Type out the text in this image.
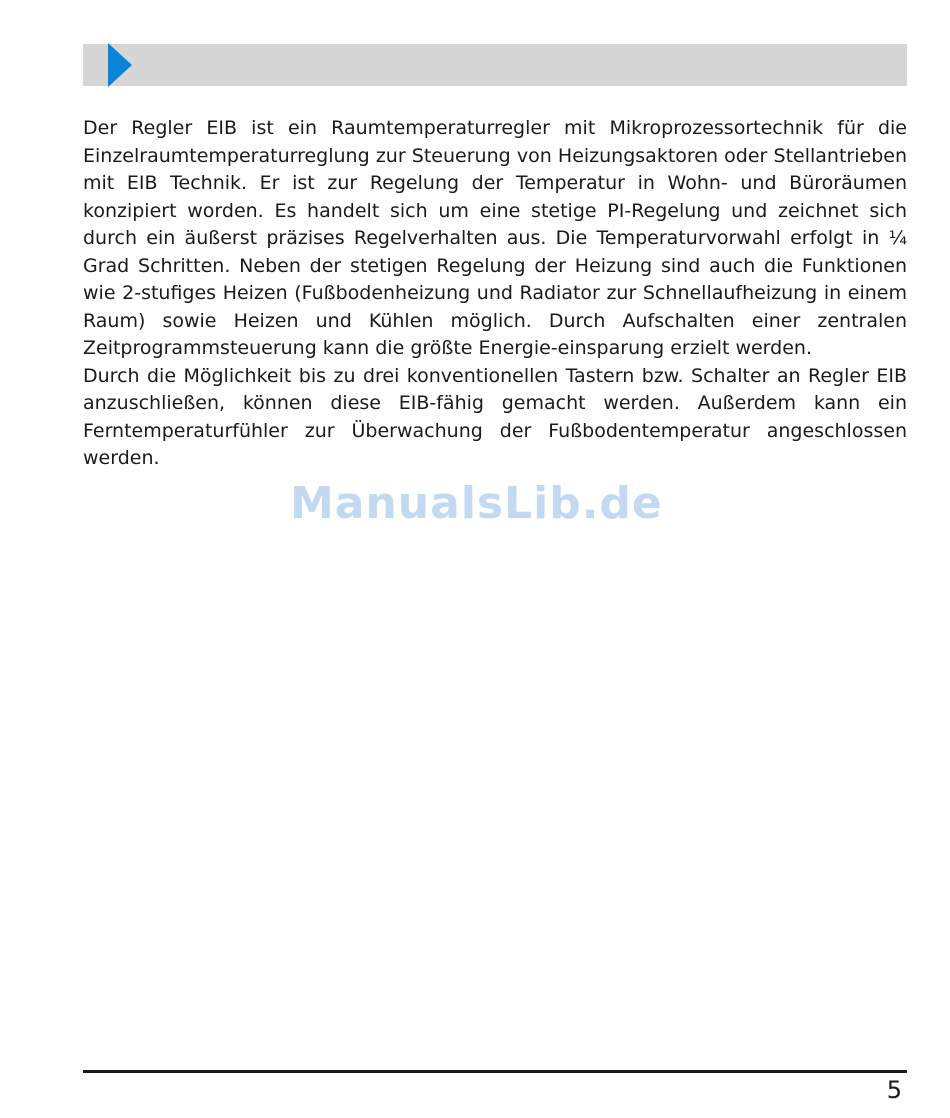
Der Regler EIB ist ein Raumtemperaturregler mit Mikroprozessortechnik für die Einzelraumtemperaturreglung zur Steuerung von Heizungsaktoren oder Stellantrieben mit EIB Technik. Er ist zur Regelung der Temperatur in Wohn- und Büroräumen konzipiert worden. Es handelt sich um eine stetige PI-Regelung und zeichnet sich durch ein äußerst präzises Regelverhalten aus. Die Temperaturvorwahl erfolgt in ¼ Grad Schritten. Neben der stetigen Regelung der Heizung sind auch die Funktionen wie 2-stufiges Heizen (Fußbodenheizung und Radiator zur Schnellaufheizung in einem Raum) sowie Heizen und Kühlen möglich. Durch Aufschalten einer zentralen Zeitprogrammsteuerung kann die größte Energie-einsparung erzielt werden.

Durch die Möglichkeit bis zu drei konventionellen Tastern bzw. Schalter an Regler EIB anzuschließen, können diese EIB-fähig gemacht werden. Außerdem kann ein Ferntemperaturfühler zur Überwachung der Fußbodentemperatur angeschlossen werden.

ManualsLib.de
5
